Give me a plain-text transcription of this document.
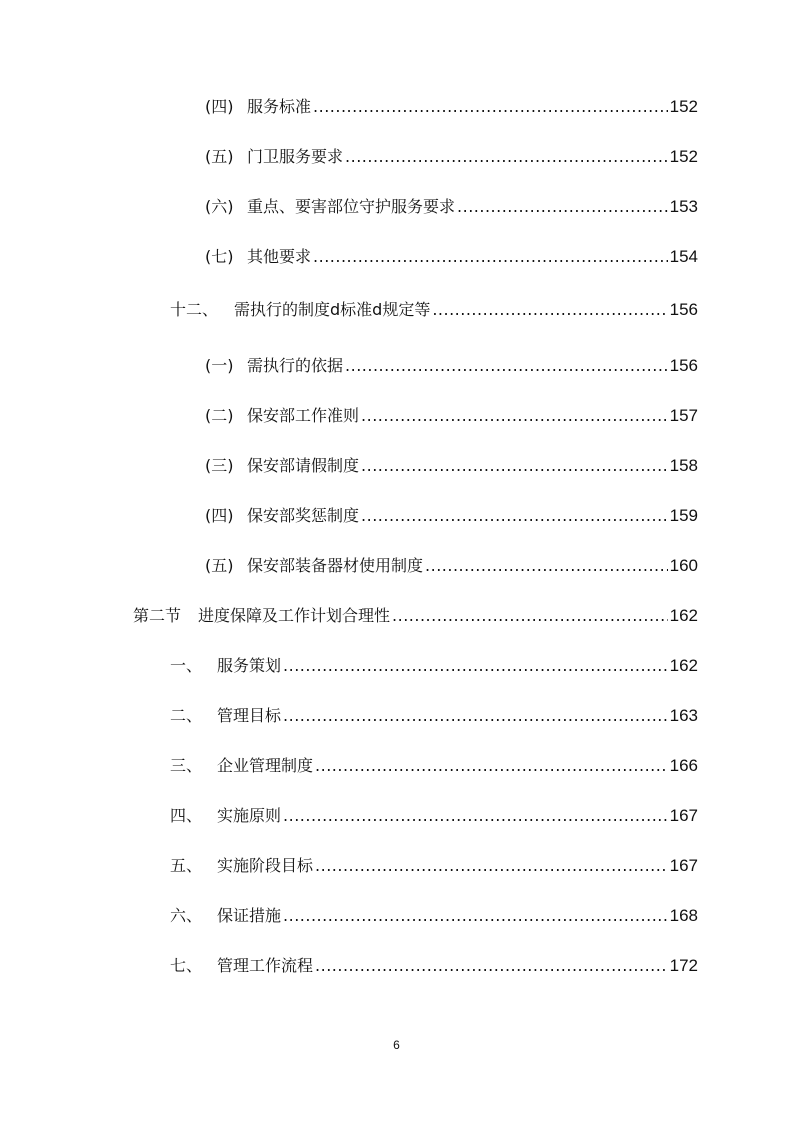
(四) 服务标准 .....	152
(五) 门卫服务要求 .....	152
(六) 重点、要害部位守护服务要求 .....	153
(七) 其他要求 .....	154
十二、 需执行的制度d标准d规定等 .....	156
(一) 需执行的依据 .....	156
(二) 保安部工作准则 .....	157
(三) 保安部请假制度 .....	158
(四) 保安部奖惩制度 .....	159
(五) 保安部装备器材使用制度 .....	160
第二节	进度保障及工作计划合理性 .....	162
一、 服务策划 .....	162
二、 管理目标 .....	163
三、 企业管理制度 .....	166
四、 实施原则 .....	167
五、 实施阶段目标 .....	167
六、 保证措施 .....	168
七、 管理工作流程 .....	172
6
